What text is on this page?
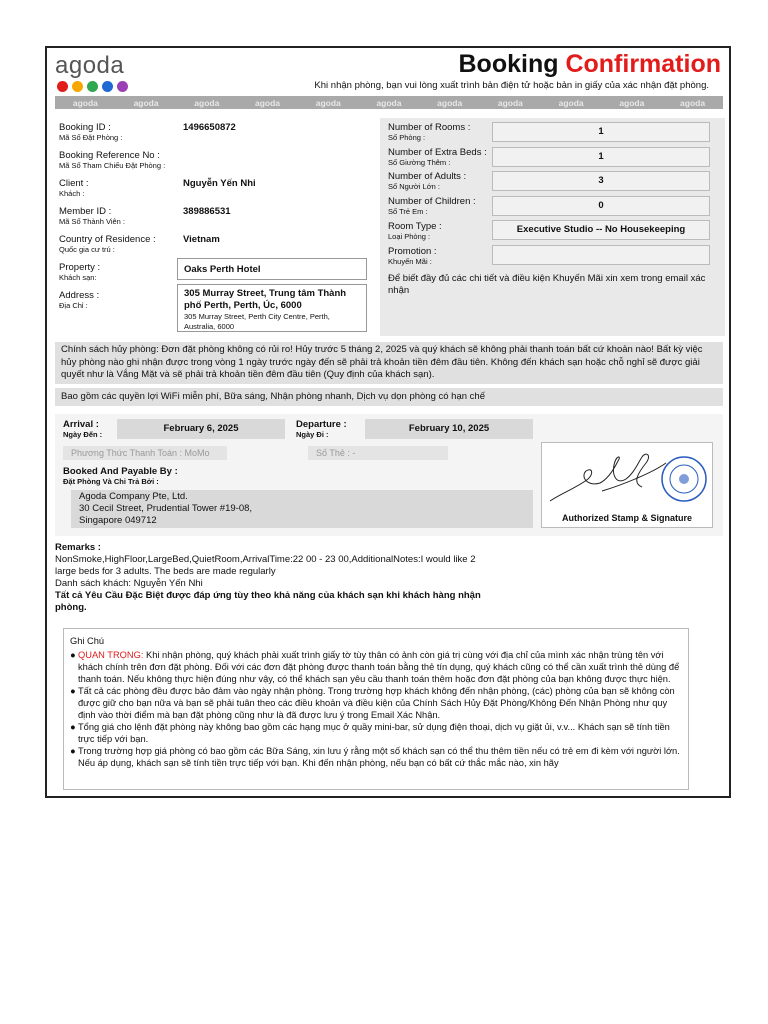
agoda	Booking Confirmation
Khi nhận phòng, bạn vui lòng xuất trình bản điện tử hoặc bản in giấy của xác nhận đặt phòng.
agoda	agoda	agoda	agoda	agoda	agoda	agoda	agoda	agoda	agoda	agoda
Booking ID :
Mã Số Đặt Phòng :
1496650872
Booking Reference No :
Mã Số Tham Chiếu Đặt Phòng :
Client :
Khách :
Nguyễn Yến Nhi
Member ID :
Mã Số Thành Viên :
389886531
Country of Residence :
Quốc gia cư trú :
Vietnam
Property :
Khách sạn:
Oaks Perth Hotel
Address :
Địa Chỉ :
305 Murray Street, Trung tâm Thành
phố Perth, Perth, Úc, 6000
305 Murray Street, Perth City Centre, Perth,
Australia, 6000
Number of Rooms :
Số Phòng :
1
Number of Extra Beds :
Số Giường Thêm :
1
Number of Adults :
Số Người Lớn :
3
Number of Children :
Số Trẻ Em :
0
Room Type :
Loại Phòng :
Executive Studio -- No Housekeeping
Promotion :
Khuyến Mãi :
Để biết đầy đủ các chi tiết và điều kiện Khuyến Mãi xin xem trong email xác nhận
Chính sách hủy phòng: Đơn đặt phòng không có rủi ro! Hủy trước 5 tháng 2, 2025 và quý khách sẽ không phải thanh toán bất cứ khoản nào! Bất kỳ việc hủy phòng nào ghi nhận được trong vòng 1 ngày trước ngày đến sẽ phải trả khoản tiền đêm đầu tiên. Không đến khách sạn hoặc chỗ nghỉ sẽ được giải quyết như là Vắng Mặt và sẽ phải trả khoản tiền đêm đầu tiên (Quy định của khách sạn).
Bao gồm các quyền lợi WiFi miễn phí, Bữa sáng, Nhận phòng nhanh, Dịch vụ dọn phòng có hạn chế
Arrival :
Ngày Đến :
February 6, 2025	Departure :
Ngày Đi :
February 10, 2025
Phương Thức Thanh Toán : MoMo	Số Thẻ : -
Booked And Payable By :
Đặt Phòng Và Chi Trả Bởi :
Agoda Company Pte, Ltd.
30 Cecil Street, Prudential Tower #19-08,
Singapore 049712	Authorized Stamp & Signature
Remarks :
NonSmoke,HighFloor,LargeBed,QuietRoom,ArrivalTime:22 00 - 23 00,AdditionalNotes:I would like 2
large beds for 3 adults. The beds are made regularly
Danh sách khách: Nguyễn Yến Nhi
Tất cả Yêu Cầu Đặc Biệt được đáp ứng tùy theo khả năng của khách sạn khi khách hàng nhận phòng.
Ghi Chú
● QUAN TRỌNG: Khi nhận phòng, quý khách phải xuất trình giấy tờ tùy thân có ảnh còn giá trị cùng với địa chỉ của mình xác nhận trùng tên với khách chính trên đơn đặt phòng. Đối với các đơn đặt phòng được thanh toán bằng thẻ tín dụng, quý khách cũng có thể cần xuất trình thẻ dùng để thanh toán. Nếu không thực hiện đúng như vậy, có thể khách sạn yêu cầu thanh toán thêm hoặc đơn đặt phòng của bạn không được thực hiện.
● Tất cả các phòng đều được bảo đảm vào ngày nhận phòng. Trong trường hợp khách không đến nhận phòng, (các) phòng của bạn sẽ không còn được giữ cho bạn nữa và bạn sẽ phải tuân theo các điều khoản và điều kiện của Chính Sách Hủy Đặt Phòng/Không Đến Nhận Phòng như quy định vào thời điểm mà bạn đặt phòng cũng như là đã được lưu ý trong Email Xác Nhận.
● Tổng giá cho lệnh đặt phòng này không bao gồm các hạng mục ở quầy mini-bar, sử dụng điện thoại, dịch vụ giặt ủi, v.v... Khách sạn sẽ tính tiền trực tiếp với bạn.
● Trong trường hợp giá phòng có bao gồm các Bữa Sáng, xin lưu ý rằng một số khách sạn có thể thu thêm tiền nếu có trẻ em đi kèm với người lớn. Nếu áp dụng, khách sạn sẽ tính tiền trực tiếp với bạn. Khi đến nhận phòng, nếu bạn có bất cứ thắc mắc nào, xin hãy
